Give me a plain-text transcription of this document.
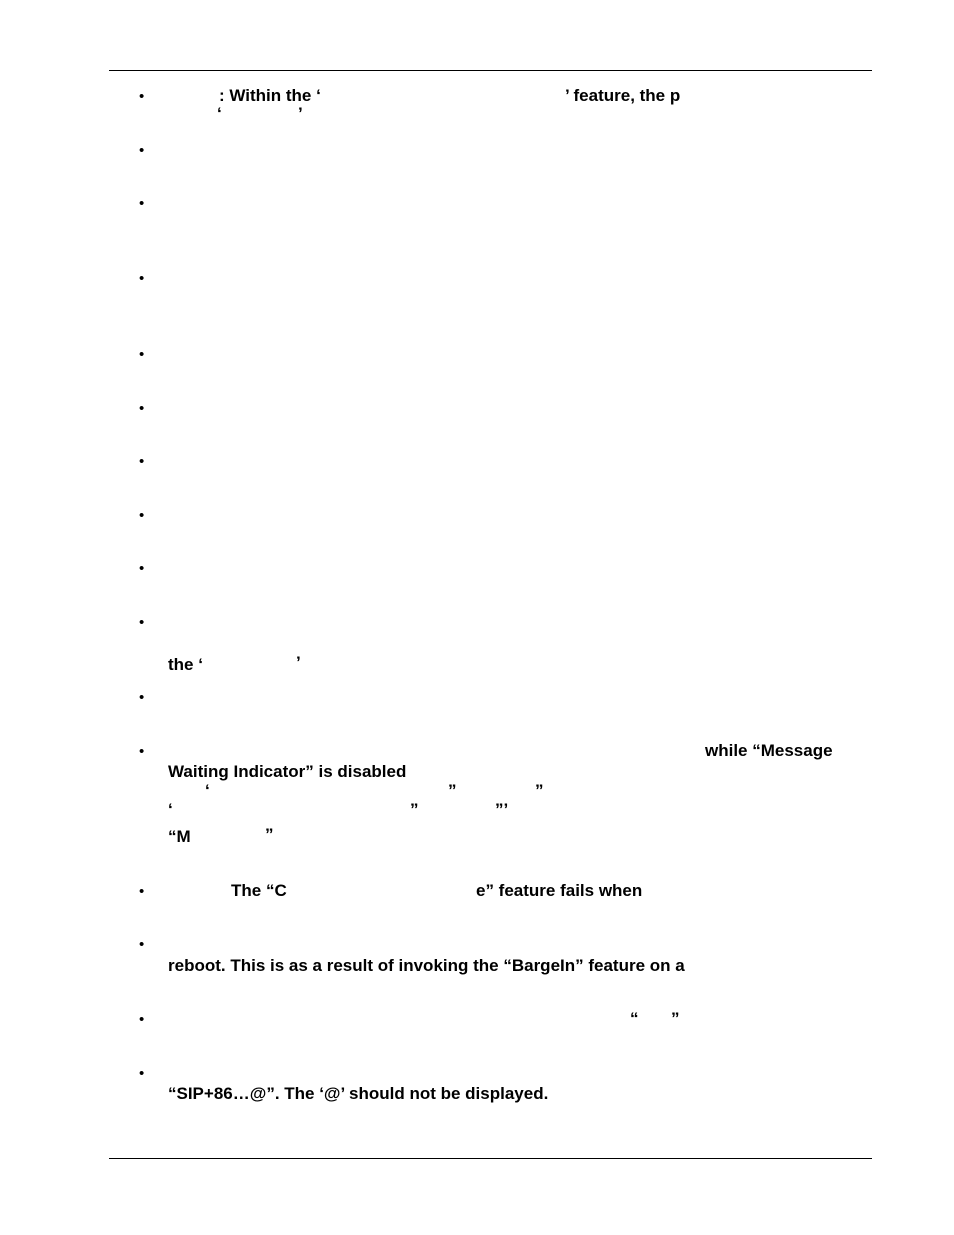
•
•
•
•
•
•
•
•
•
•
•
•
•
•
•
•
: Within the ‘	’ feature, the p
‘	’
the ‘	’
while “Message
Waiting Indicator” is disabled
‘	”	”
‘	”	”’
“M	”
The “C	e” feature fails when
reboot. This is as a result of invoking the “BargeIn” feature on a
“ ”
“SIP+86…@”. The ‘@’ should not be displayed.
